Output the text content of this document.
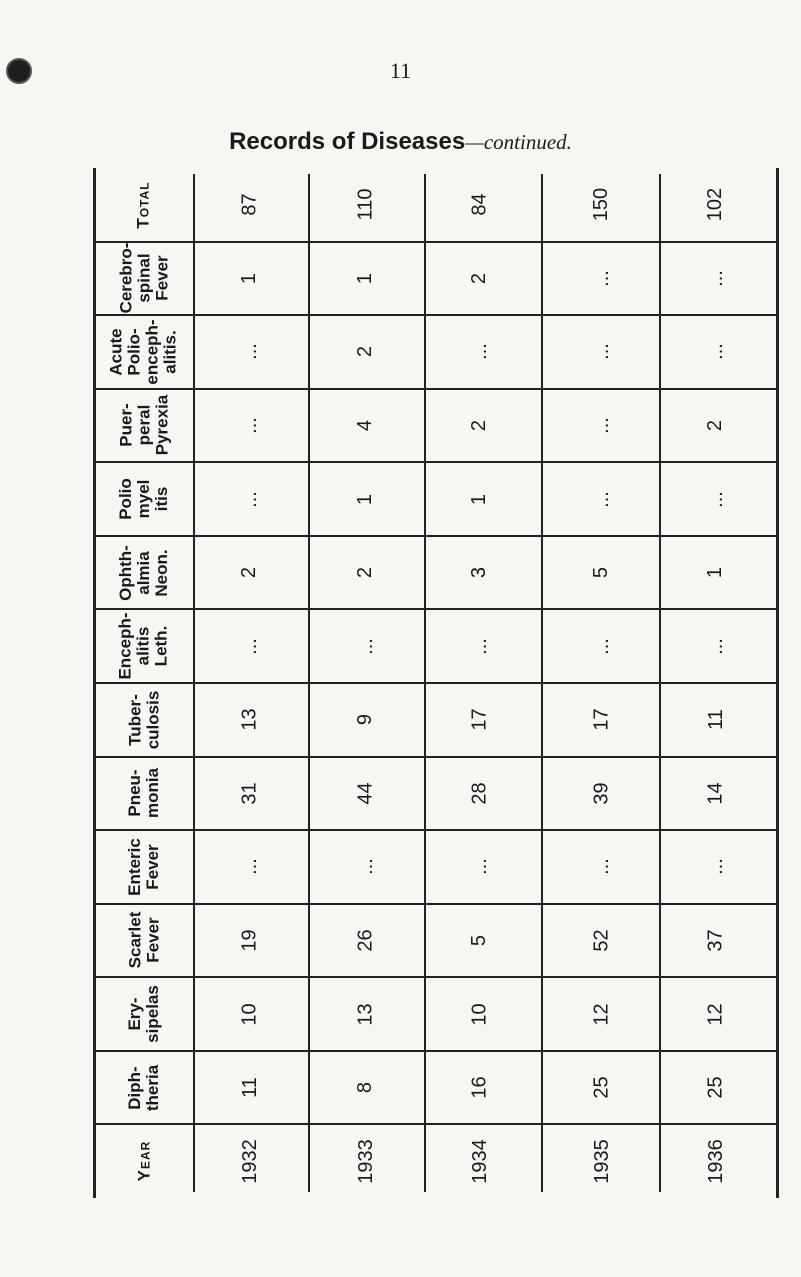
11
Records of Diseases—continued.
Total	87	110	84	150	102
Cerebro- spinal Fever	1	1	2	...	...
Acute Polio- enceph- alitis.	...	2	...	...	...
Puer- peral Pyrexia	...	4	2	...	2
Polio myel itis	...	1	1	...	...
Ophth- almia Neon.	2	2	3	5	1
Enceph- alitis Leth.	...	...	...	...	...
Tuber- culosis	13	9	17	17	11
Pneu- monia	31	44	28	39	14
Enteric Fever	...	...	...	...	...
Scarlet Fever	19	26	5	52	37
Ery- sipelas	10	13	10	12	12
Diph- theria	11	8	16	25	25
Year	1932	1933	1934	1935	1936
